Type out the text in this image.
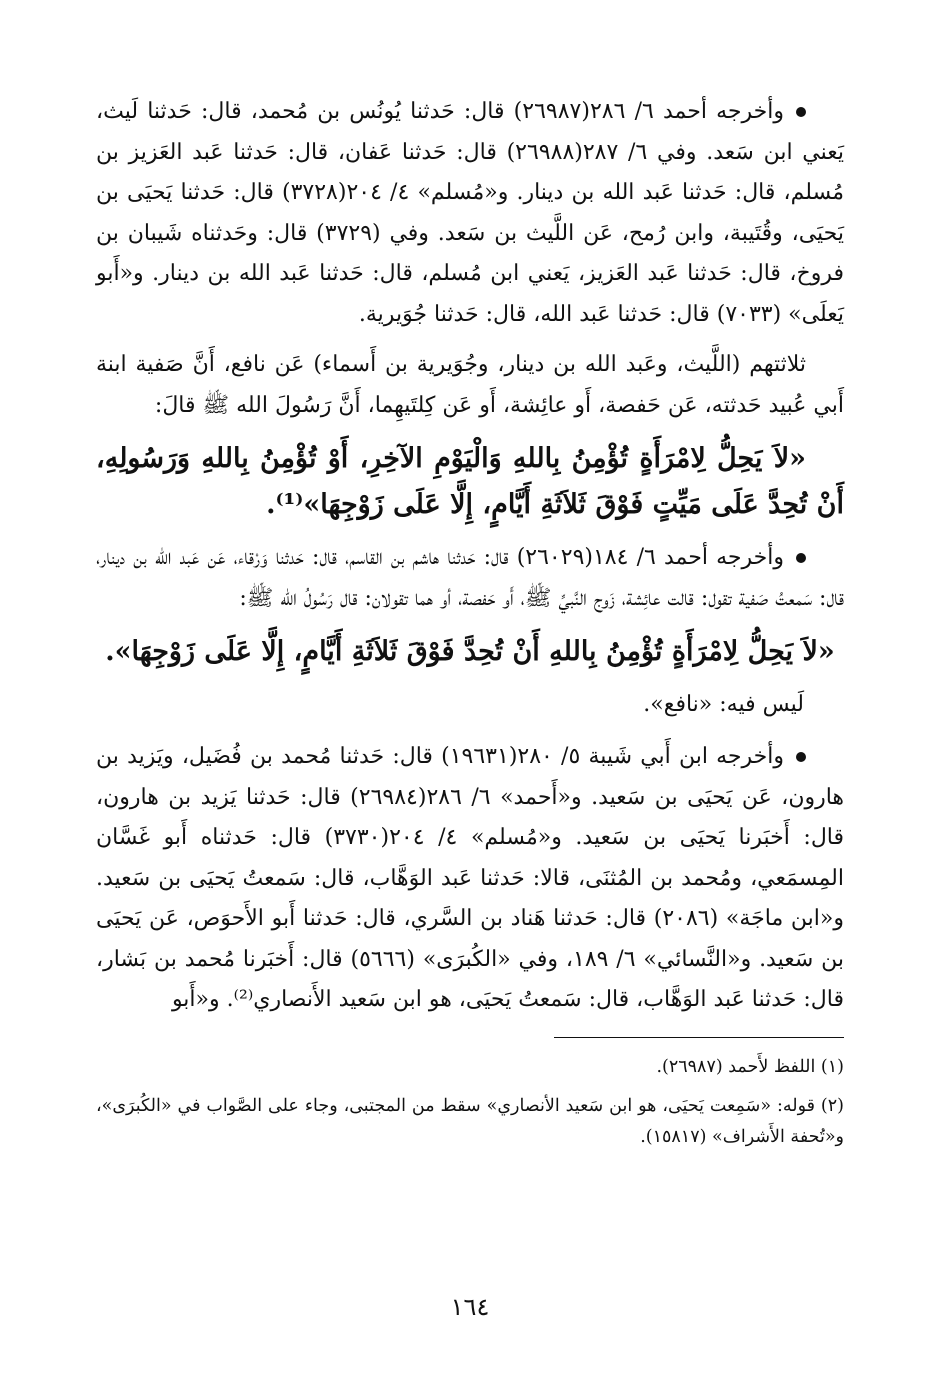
وأخرجه أحمد ٦/ ٢٨٦(٢٦٩٨٧) قال: حَدثنا يُونُس بن مُحمد، قال: حَدثنا لَيث، يَعني ابن سَعد. وفي ٦/ ٢٨٧(٢٦٩٨٨) قال: حَدثنا عَفان، قال: حَدثنا عَبد العَزيز بن مُسلم، قال: حَدثنا عَبد الله بن دينار. و«مُسلم» ٤/ ٢٠٤(٣٧٢٨) قال: حَدثنا يَحيَى بن يَحيَى، وقُتَيبة، وابن رُمح، عَن اللَّيث بن سَعد. وفي (٣٧٢٩) قال: وحَدثناه شَيبان بن فروخ، قال: حَدثنا عَبد العَزيز، يَعني ابن مُسلم، قال: حَدثنا عَبد الله بن دينار. و«أَبو يَعلَى» (٧٠٣٣) قال: حَدثنا عَبد الله، قال: حَدثنا جُوَيرية.

ثلاثتهم (اللَّيث، وعَبد الله بن دينار، وجُوَيرية بن أَسماء) عَن نافع، أَنَّ صَفية ابنة أَبي عُبيد حَدثته، عَن حَفصة، أَو عائِشة، أَو عَن كِلتَيهِما، أَنَّ رَسُولَ الله ﷺ قالَ:

«لاَ يَحِلُّ لِامْرَأَةٍ تُؤْمِنُ بِاللهِ وَالْيَوْمِ الآخِرِ، أَوْ تُؤْمِنُ بِاللهِ وَرَسُولِهِ، أَنْ تُحِدَّ عَلَى مَيِّتٍ فَوْقَ ثَلاَثَةِ أَيَّامٍ، إِلَّا عَلَى زَوْجِهَا»⁽¹⁾.

وأخرجه أحمد ٦/ ١٨٤(٢٦٠٢٩) قال: حَدثنا هاشم بن القاسم، قال: حَدثنا وَرْقاء، عَن عَبد الله بن دينار، قال: سَمعتُ صَفية تقول: قالت عائِشة، زَوج النَّبيِّ ﷺ، أَو حَفصة، أو هما تقولان: قال رَسُولُ الله ﷺ:

«لاَ يَحِلُّ لِامْرَأَةٍ تُؤْمِنُ بِاللهِ أَنْ تُحِدَّ فَوْقَ ثَلاَثَةِ أَيَّامٍ، إِلَّا عَلَى زَوْجِهَا».

لَيس فيه: «نافع».

وأخرجه ابن أَبي شَيبة ٥/ ٢٨٠(١٩٦٣١) قال: حَدثنا مُحمد بن فُضَيل، ويَزيد بن هارون، عَن يَحيَى بن سَعيد. و«أَحمد» ٦/ ٢٨٦(٢٦٩٨٤) قال: حَدثنا يَزيد بن هارون، قال: أَخبَرنا يَحيَى بن سَعيد. و«مُسلم» ٤/ ٢٠٤(٣٧٣٠) قال: حَدثناه أَبو غَسَّان المِسمَعي، ومُحمد بن المُثنَى، قالا: حَدثنا عَبد الوَهَّاب، قال: سَمعتُ يَحيَى بن سَعيد. و«ابن ماجَة» (٢٠٨٦) قال: حَدثنا هَناد بن السَّري، قال: حَدثنا أَبو الأَحوَص، عَن يَحيَى بن سَعيد. و«النَّسائي» ٦/ ١٨٩، وفي «الكُبرَى» (٥٦٦٦) قال: أَخبَرنا مُحمد بن بَشار، قال: حَدثنا عَبد الوَهَّاب، قال: سَمعتُ يَحيَى، هو ابن سَعيد الأَنصاري⁽²⁾. و«أَبو

(١) اللفظ لأَحمد (٢٦٩٨٧).

(٢) قوله: «سَمِعت يَحيَى، هو ابن سَعيد الأنصاري» سقط من المجتبى، وجاء على الصَّواب في «الكُبرَى»، و«تُحفة الأَشراف» (١٥٨١٧).

١٦٤
